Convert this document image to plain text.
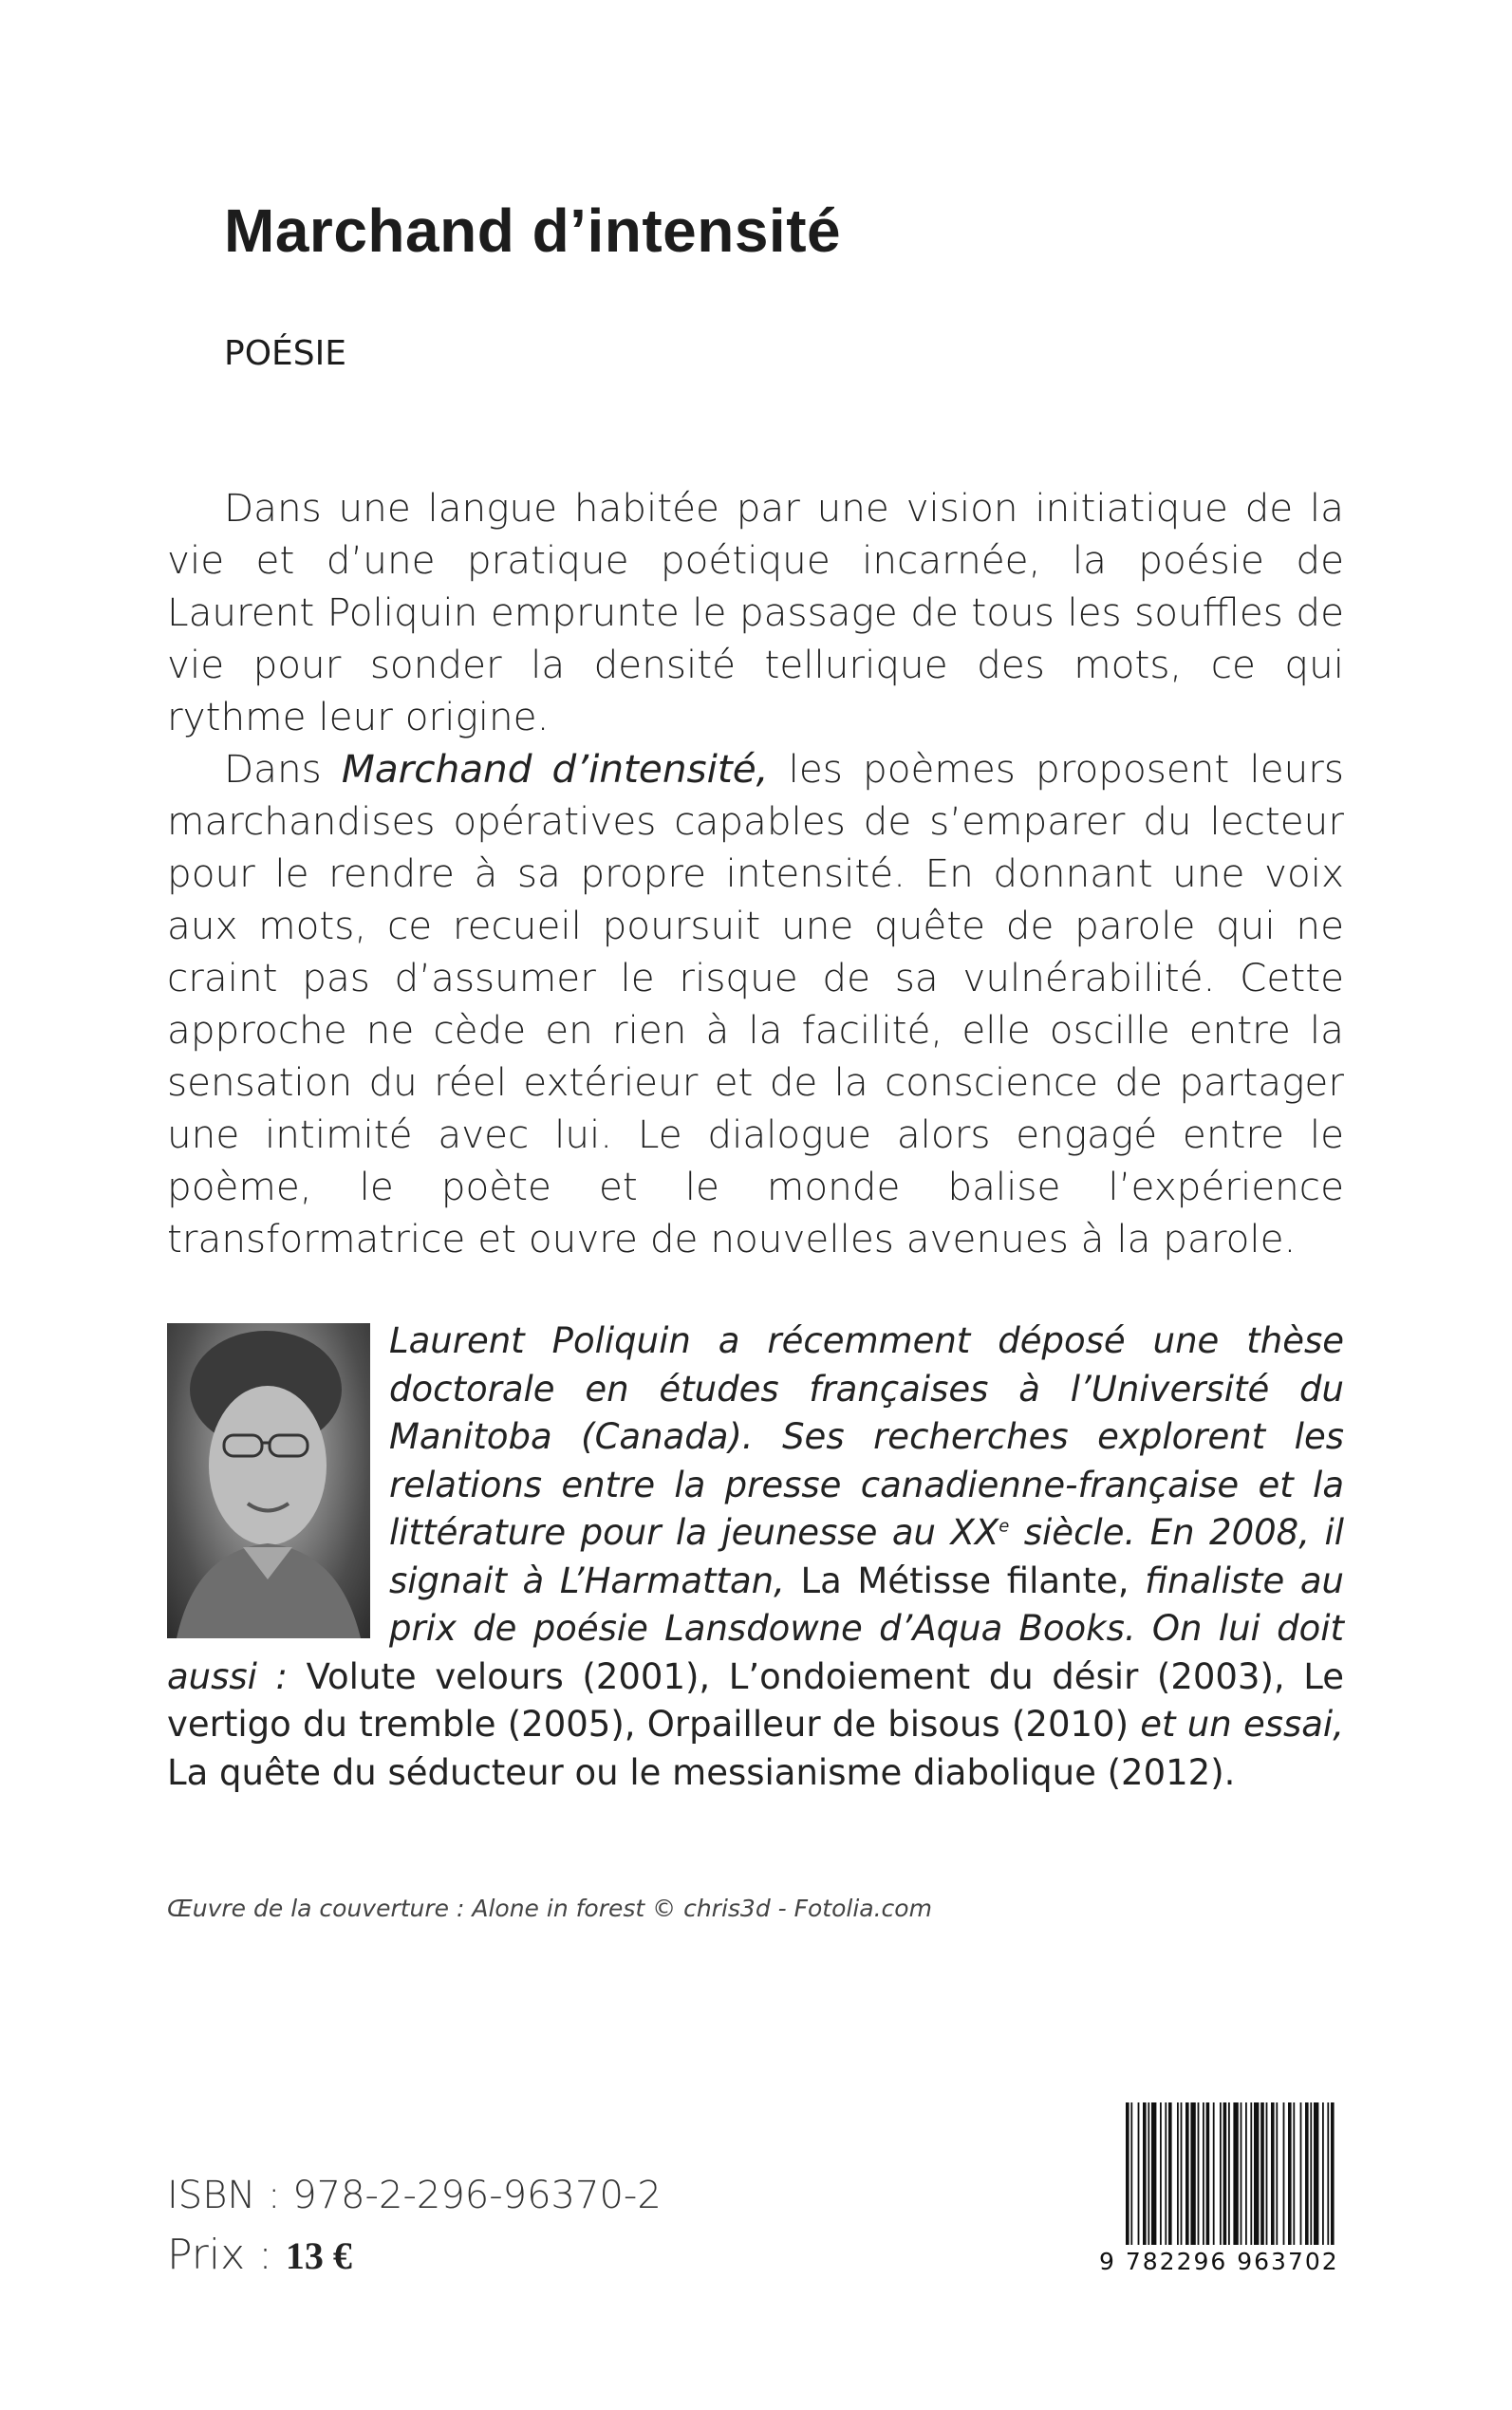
Marchand d’intensité
POÉSIE

Dans une langue habitée par une vision initiatique de la vie et d’une pratique poétique incarnée, la poésie de Laurent Poliquin emprunte le passage de tous les souffles de vie pour sonder la densité tellurique des mots, ce qui rythme leur origine.

Dans Marchand d’intensité, les poèmes proposent leurs marchandises opératives capables de s’emparer du lecteur pour le rendre à sa propre intensité. En donnant une voix aux mots, ce recueil poursuit une quête de parole qui ne craint pas d’assumer le risque de sa vulnérabilité. Cette approche ne cède en rien à la facilité, elle oscille entre la sensation du réel extérieur et de la conscience de partager une intimité avec lui. Le dialogue alors engagé entre le poème, le poète et le monde balise l’expérience transformatrice et ouvre de nouvelles avenues à la parole.

Laurent Poliquin a récemment déposé une thèse doctorale en études françaises à l’Université du Manitoba (Canada). Ses recherches explorent les relations entre la presse canadienne-française et la littérature pour la jeunesse au XXe siècle. En 2008, il signait à L’Harmattan, La Métisse filante, finaliste au prix de poésie Lansdowne d’Aqua Books. On lui doit aussi : Volute velours (2001), L’ondoiement du désir (2003), Le vertigo du tremble (2005), Orpailleur de bisous (2010) et un essai, La quête du séducteur ou le messianisme diabolique (2012).
Œuvre de la couverture : Alone in forest © chris3d - Fotolia.com
ISBN : 978-2-296-96370-2
Prix : 13 €	9 782296 963702
